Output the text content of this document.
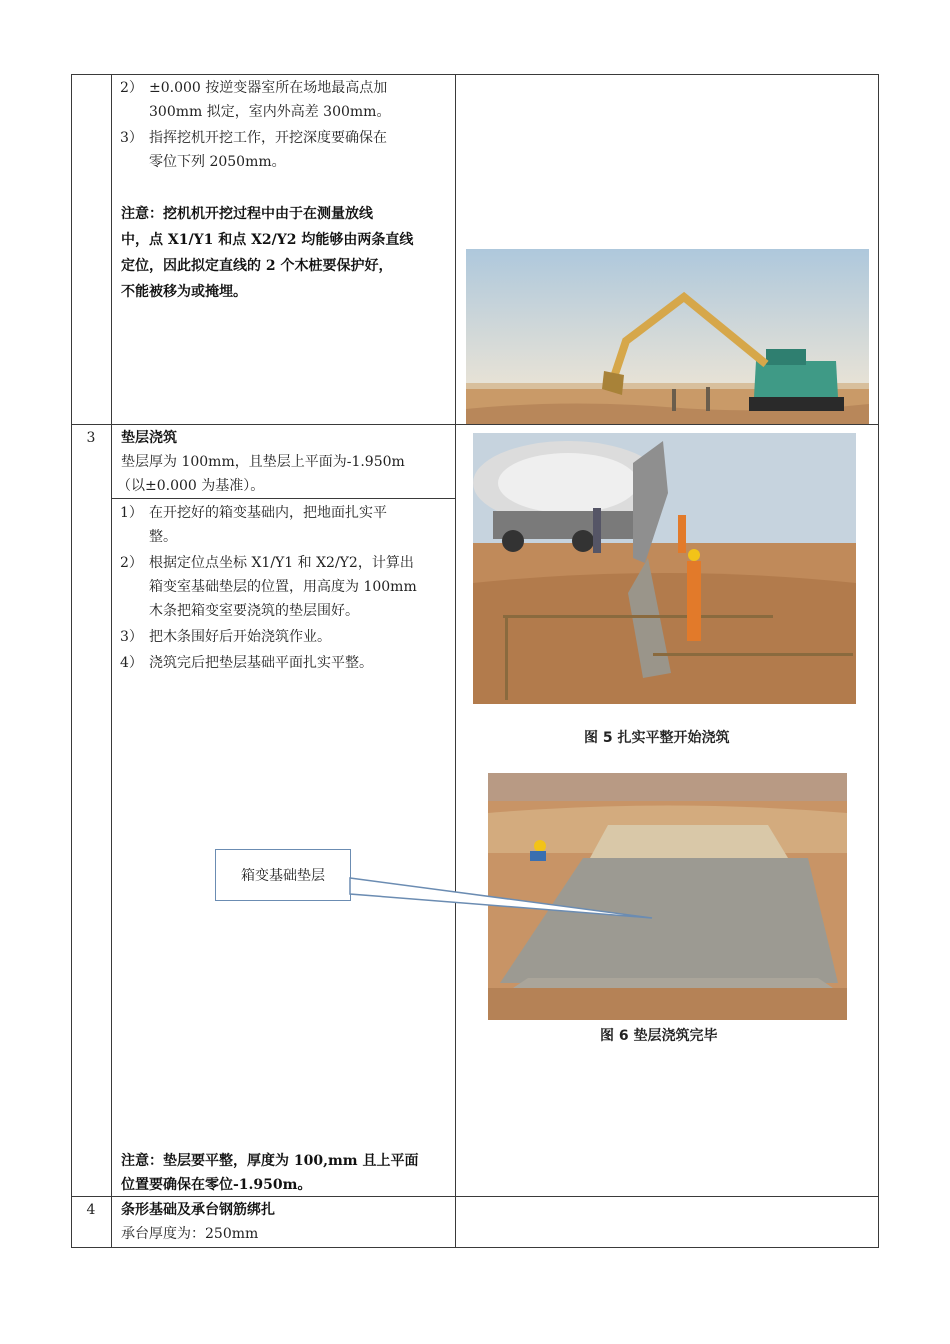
2） ±0.000 按逆变器室所在场地最高点加
300mm 拟定，室内外高差 300mm。
3） 指挥挖机开挖工作，开挖深度要确保在
零位下列 2050mm。
注意：挖机机开挖过程中由于在测量放线
中，点 X1/Y1 和点 X2/Y2 均能够由两条直线
定位，因此拟定直线的 2 个木桩要保护好，
不能被移为或掩埋。
3	垫层浇筑
垫层厚为 100mm，且垫层上平面为-1.950m
（以±0.000 为基准）。
1） 在开挖好的箱变基础内，把地面扎实平
整。
2） 根据定位点坐标 X1/Y1 和 X2/Y2，计算出
箱变室基础垫层的位置，用高度为 100mm
木条把箱变室要浇筑的垫层围好。
3） 把木条围好后开始浇筑作业。
4） 浇筑完后把垫层基础平面扎实平整。
注意：垫层要平整，厚度为 100,mm 且上平面
位置要确保在零位-1.950m。
图 5 扎实平整开始浇筑
图 6 垫层浇筑完毕
箱变基础垫层
4	条形基础及承台钢筋绑扎
承台厚度为：250mm
